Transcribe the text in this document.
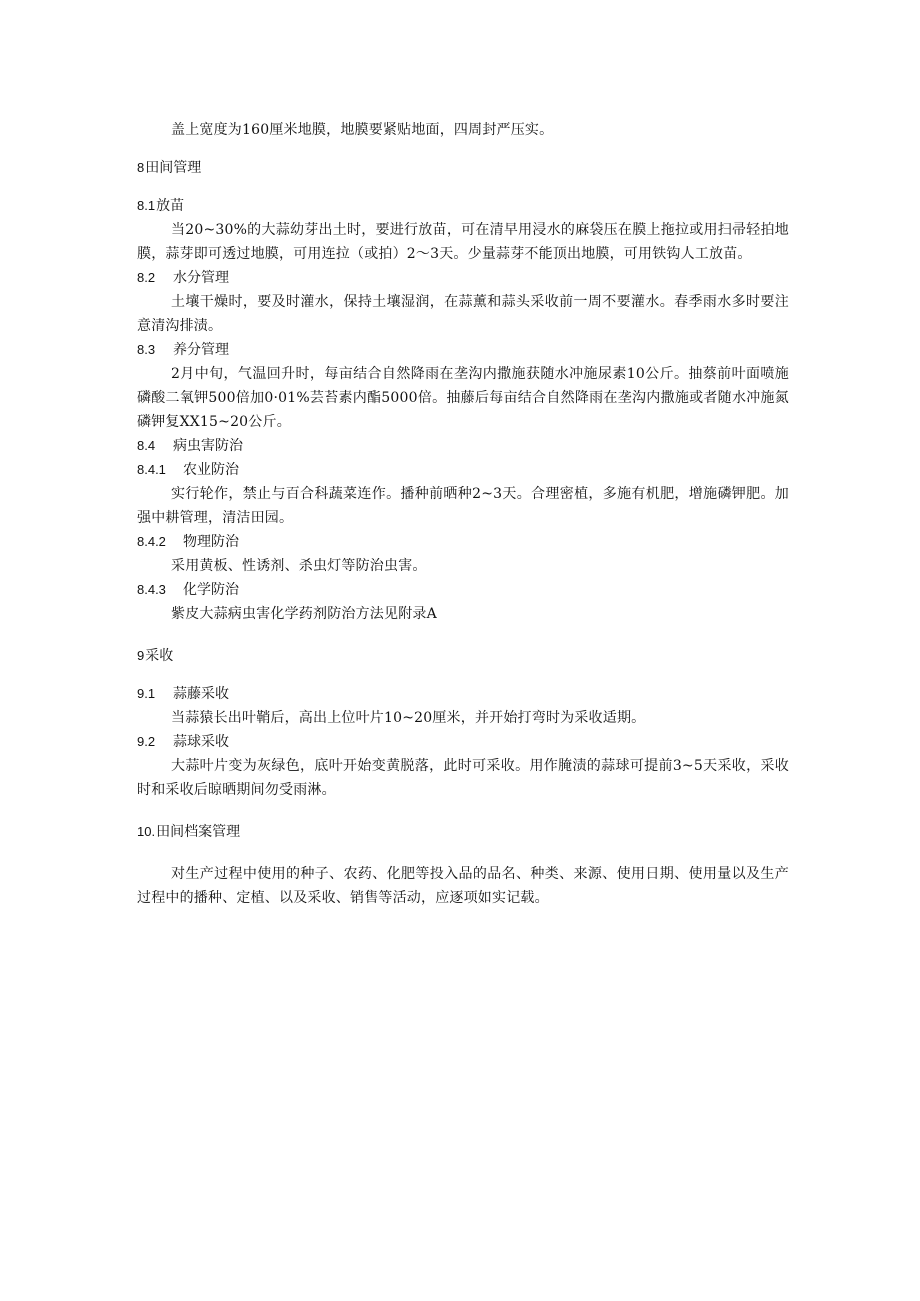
盖上宽度为160厘米地膜，地膜要紧贴地面，四周封严压实。

8田间管理

8.1放苗

当20~30%的大蒜幼芽出土时，要进行放苗，可在清早用浸水的麻袋压在膜上拖拉或用扫帚轻拍地膜，蒜芽即可透过地膜，可用连拉（或拍）2～3天。少量蒜芽不能顶出地膜，可用铁钩人工放苗。

8.2 水分管理

土壤干燥时，要及时灌水，保持土壤湿润，在蒜薰和蒜头采收前一周不要灌水。春季雨水多时要注意清沟排渍。

8.3 养分管理

2月中旬，气温回升时，每亩结合自然降雨在垄沟内撒施获随水冲施尿素10公斤。抽蔡前叶面喷施磷酸二氧钾500倍加0·01%芸苔素内酯5000倍。抽藤后每亩结合自然降雨在垄沟内撒施或者随水冲施氮磷钾复XX15~20公斤。

8.4 病虫害防治

8.4.1 农业防治

实行轮作，禁止与百合科蔬菜连作。播种前晒种2~3天。合理密植，多施有机肥，增施磷钾肥。加强中耕管理，清洁田园。

8.4.2 物理防治

采用黄板、性诱剂、杀虫灯等防治虫害。

8.4.3 化学防治

紫皮大蒜病虫害化学药剂防治方法见附录A

9采收

9.1 蒜藤采收

当蒜猿长出叶鞘后，高出上位叶片10~20厘米，并开始打弯时为采收适期。

9.2 蒜球采收

大蒜叶片变为灰绿色，底叶开始变黄脱落，此时可采收。用作腌渍的蒜球可提前3~5天采收，采收时和采收后晾晒期间勿受雨淋。

10.田间档案管理

对生产过程中使用的种子、农药、化肥等投入品的品名、种类、来源、使用日期、使用量以及生产过程中的播种、定植、以及采收、销售等活动，应逐项如实记载。
